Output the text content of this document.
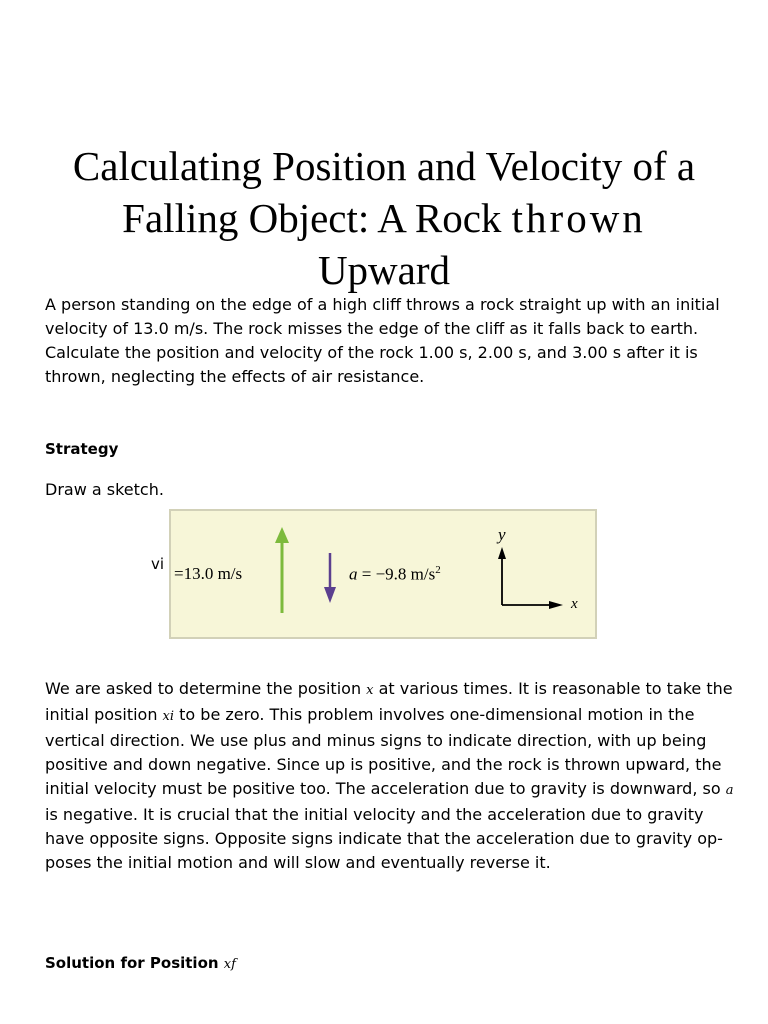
Calculating Position and Velocity of a
Falling Object: A Rock thrown
Upward

A person standing on the edge of a high cliff throws a rock straight up with an initial velocity of 13.0 m/s. The rock misses the edge of the cliff as it falls back to earth. Calculate the position and velocity of the rock 1.00 s, 2.00 s, and 3.00 s after it is thrown, neglecting the effects of air resistance.

Strategy

Draw a sketch.

vi =13.0 m/s	a = −9.8 $m/s^2$
y
x

We are asked to determine the position x at various times. It is reasonable to take the initial position xi to be zero. This problem involves one-dimensional motion in the vertical direction. We use plus and minus signs to indicate direction, with up being positive and down negative. Since up is positive, and the rock is thrown upward, the initial velocity must be positive too. The acceleration due to gravity is downward, so a is negative. It is crucial that the initial velocity and the acceleration due to gravity have opposite signs. Opposite signs indicate that the acceleration due to gravity op-poses the initial motion and will slow and eventually reverse it.

Solution for Position xf
